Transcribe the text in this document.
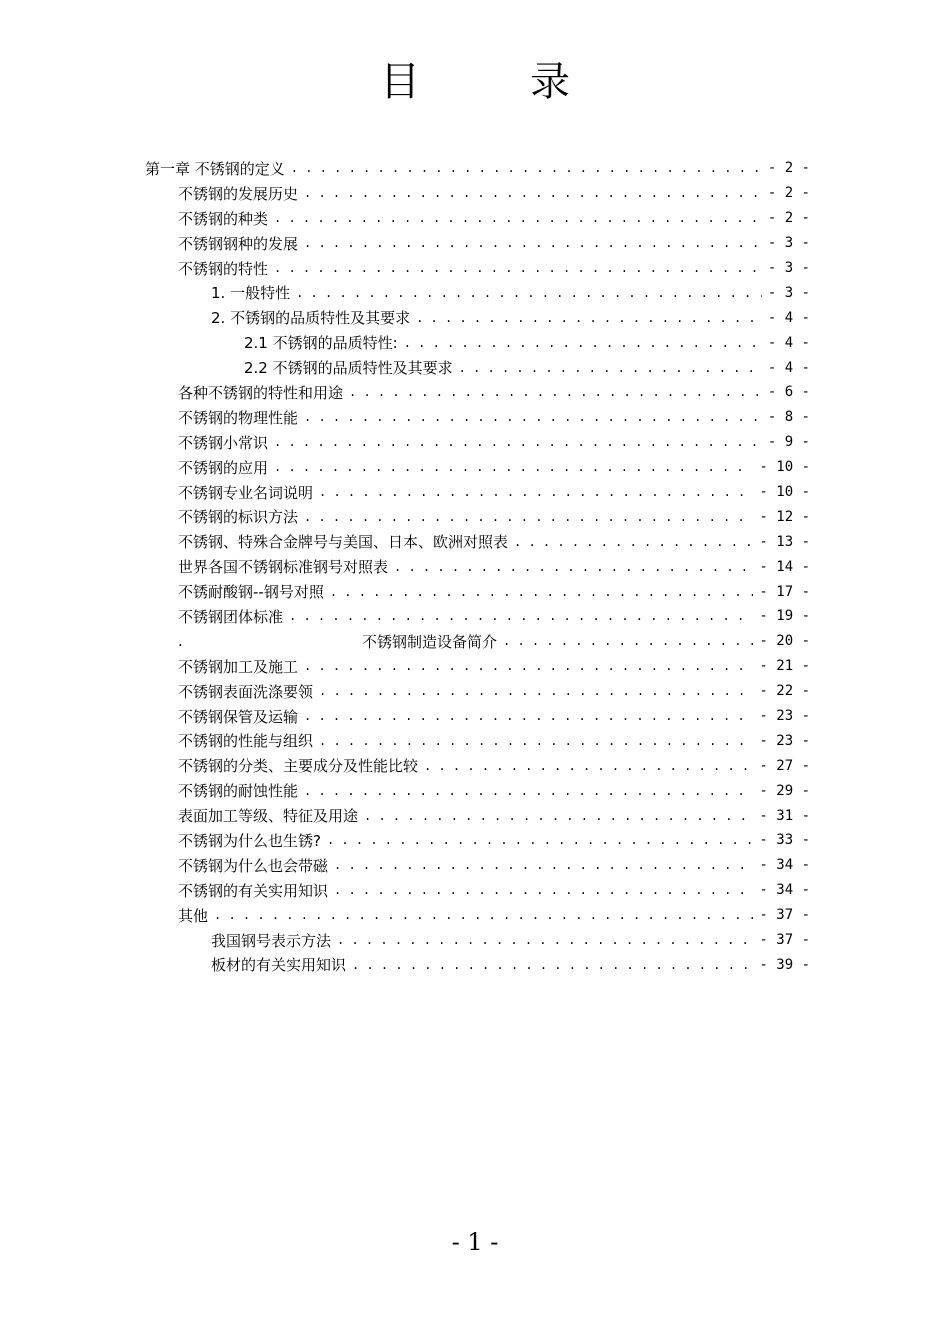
目	录
第一章 不锈钢的定义 . . .	- 2 -
不锈钢的发展历史 . . .	- 2 -
不锈钢的种类 . . .	- 2 -
不锈钢钢种的发展 . . .	- 3 -
不锈钢的特性 . . .	- 3 -
1. 一般特性 . . .	- 3 -
2. 不锈钢的品质特性及其要求 . . .	- 4 -
2.1 不锈钢的品质特性: . . .	- 4 -
2.2 不锈钢的品质特性及其要求 . . .	- 4 -
各种不锈钢的特性和用途 . . .	- 6 -
不锈钢的物理性能 . . .	- 8 -
不锈钢小常识 . . .	- 9 -
不锈钢的应用 . . .	- 10 -
不锈钢专业名词说明 . . .	- 10 -
不锈钢的标识方法 . . .	- 12 -
不锈钢、特殊合金牌号与美国、日本、欧洲对照表 . . .	- 13 -
世界各国不锈钢标准钢号对照表 . . .	- 14 -
不锈耐酸钢--钢号对照 . . .	- 17 -
不锈钢团体标准 . . .	- 19 -
.	不锈钢制造设备简介 . . .	- 20 -
不锈钢加工及施工 . . .	- 21 -
不锈钢表面洗涤要领 . . .	- 22 -
不锈钢保管及运输 . . .	- 23 -
不锈钢的性能与组织 . . .	- 23 -
不锈钢的分类、主要成分及性能比较 . . .	- 27 -
不锈钢的耐蚀性能 . . .	- 29 -
表面加工等级、特征及用途 . . .	- 31 -
不锈钢为什么也生锈? . . .	- 33 -
不锈钢为什么也会带磁 . . .	- 34 -
不锈钢的有关实用知识 . . .	- 34 -
其他 . . .	- 37 -
我国钢号表示方法 . . .	- 37 -
板材的有关实用知识 . . .	- 39 -
- 1 -
